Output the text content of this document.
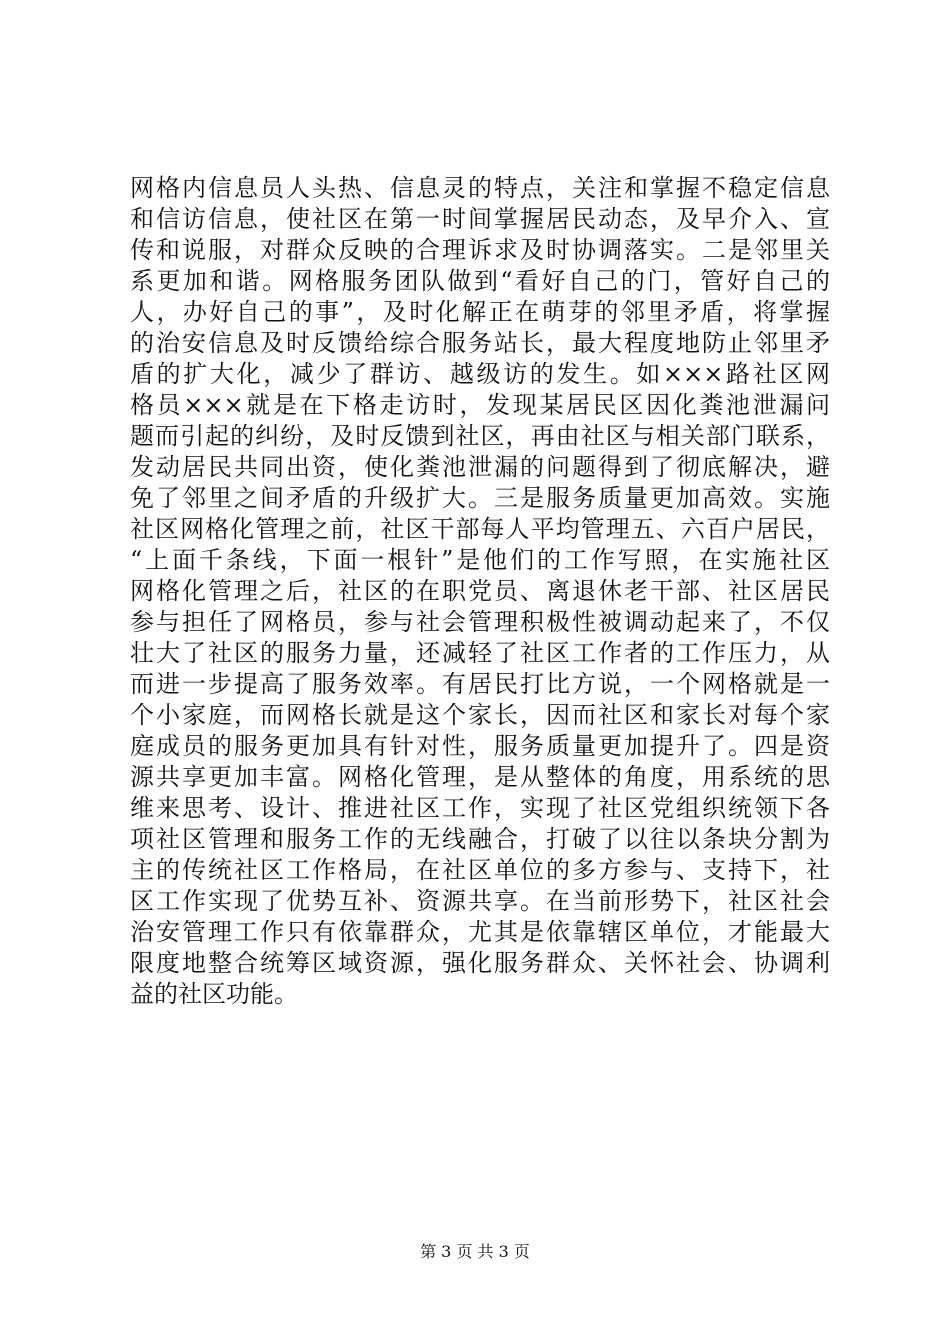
网格内信息员人头热、信息灵的特点，关注和掌握不稳定信息
和信访信息，使社区在第一时间掌握居民动态，及早介入、宣
传和说服，对群众反映的合理诉求及时协调落实。二是邻里关
系更加和谐。网格服务团队做到“看好自己的门，管好自己的
人，办好自己的事”，及时化解正在萌芽的邻里矛盾，将掌握
的治安信息及时反馈给综合服务站长，最大程度地防止邻里矛
盾的扩大化，减少了群访、越级访的发生。如×××路社区网
格员×××就是在下格走访时，发现某居民区因化粪池泄漏问
题而引起的纠纷，及时反馈到社区，再由社区与相关部门联系，
发动居民共同出资，使化粪池泄漏的问题得到了彻底解决，避
免了邻里之间矛盾的升级扩大。三是服务质量更加高效。实施
社区网格化管理之前，社区干部每人平均管理五、六百户居民，
“上面千条线，下面一根针”是他们的工作写照，在实施社区
网格化管理之后，社区的在职党员、离退休老干部、社区居民
参与担任了网格员，参与社会管理积极性被调动起来了，不仅
壮大了社区的服务力量，还减轻了社区工作者的工作压力，从
而进一步提高了服务效率。有居民打比方说，一个网格就是一
个小家庭，而网格长就是这个家长，因而社区和家长对每个家
庭成员的服务更加具有针对性，服务质量更加提升了。四是资
源共享更加丰富。网格化管理，是从整体的角度，用系统的思
维来思考、设计、推进社区工作，实现了社区党组织统领下各
项社区管理和服务工作的无线融合，打破了以往以条块分割为
主的传统社区工作格局，在社区单位的多方参与、支持下，社
区工作实现了优势互补、资源共享。在当前形势下，社区社会
治安管理工作只有依靠群众，尤其是依靠辖区单位，才能最大
限度地整合统筹区域资源，强化服务群众、关怀社会、协调利
益的社区功能。
第 3 页 共 3 页
